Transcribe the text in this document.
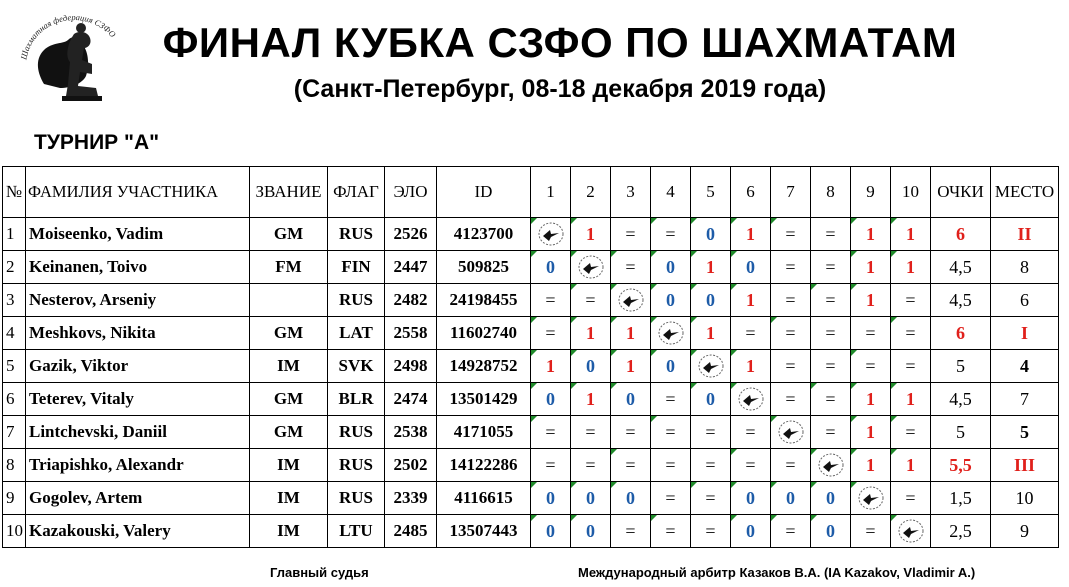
Шахматная федерация СЗФО ФИНАЛ КУБКА СЗФО ПО ШАХМАТАМ
(Санкт-Петербург, 08-18 декабря 2019 года)
ТУРНИР "А"
№	ФАМИЛИЯ УЧАСТНИКА	ЗВАНИЕ	ФЛАГ	ЭЛО	ID	1	2	3	4	5	6	7	8	9	10	ОЧКИ	МЕСТО
1	Moiseenko, Vadim	GM	RUS	2526	4123700		1	=	=	0	1	=	=	1	1	6	II
2	Keinanen, Toivo	FM	FIN	2447	509825	0		=	0	1	0	=	=	1	1	4,5	8
3	Nesterov, Arseniy		RUS	2482	24198455	=	=		0	0	1	=	=	1	=	4,5	6
4	Meshkovs, Nikita	GM	LAT	2558	11602740	=	1	1		1	=	=	=	=	=	6	I
5	Gazik, Viktor	IM	SVK	2498	14928752	1	0	1	0		1	=	=	=	=	5	4
6	Teterev, Vitaly	GM	BLR	2474	13501429	0	1	0	=	0		=	=	1	1	4,5	7
7	Lintchevski, Daniil	GM	RUS	2538	4171055	=	=	=	=	=	=		=	1	=	5	5
8	Triapishko, Alexandr	IM	RUS	2502	14122286	=	=	=	=	=	=	=		1	1	5,5	III
9	Gogolev, Artem	IM	RUS	2339	4116615	0	0	0	=	=	0	0	0		=	1,5	10
10	Kazakouski, Valery	IM	LTU	2485	13507443	0	0	=	=	=	0	=	0	=		2,5	9
Главный судья	Международный арбитр Казаков В.А. (IA Kazakov, Vladimir A.)
